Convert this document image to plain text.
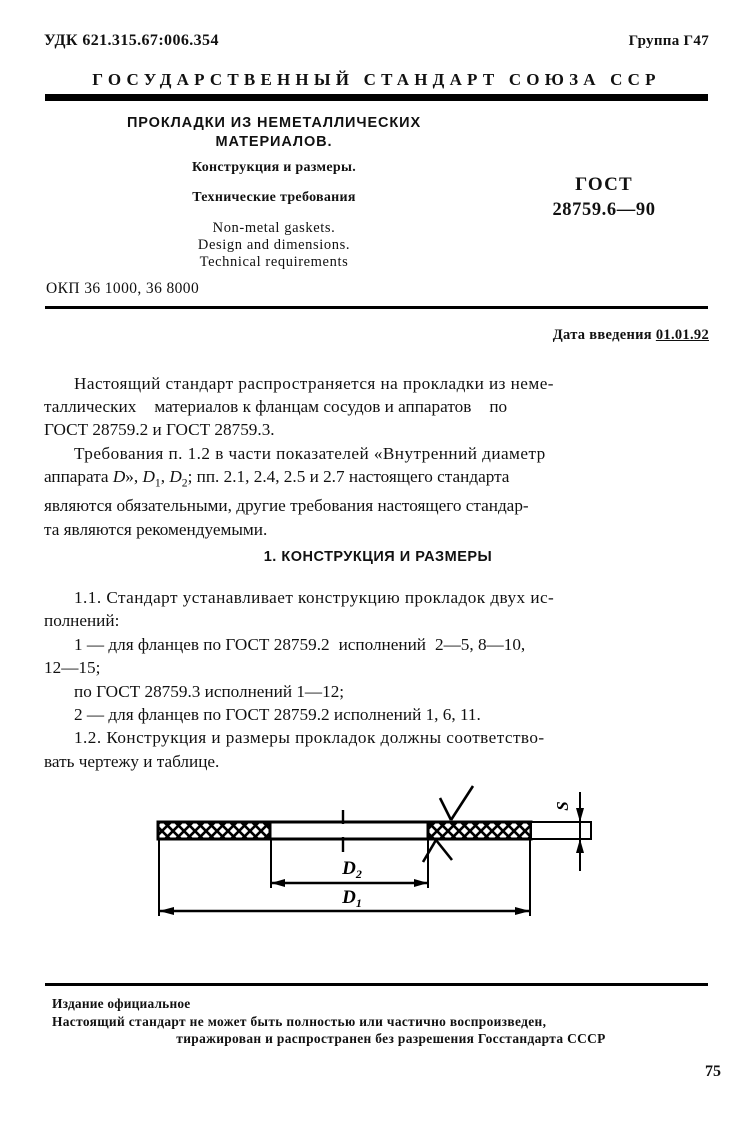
УДК 621.315.67:006.354	Группа Г47
ГОСУДАРСТВЕННЫЙ СТАНДАРТ СОЮЗА ССР
ПРОКЛАДКИ ИЗ НЕМЕТАЛЛИЧЕСКИХ
МАТЕРИАЛОВ.
Конструкция и размеры.
Технические требования
Non-metal gaskets.
Design and dimensions.
Technical requirements
ОКП 36 1000, 36 8000
ГОСТ
28759.6—90
Дата введения 01.01.92

Настоящий стандарт распространяется на прокладки из неме-

таллических материалов к фланцам сосудов и аппаратов по

ГОСТ 28759.2 и ГОСТ 28759.3.

Требования п. 1.2 в части показателей «Внутренний диаметр

аппарата D», $D_1$, $D_2$; пп. 2.1, 2.4, 2.5 и 2.7 настоящего стандарта

являются обязательными, другие требования настоящего стандар-

та являются рекомендуемыми.

1. КОНСТРУКЦИЯ И РАЗМЕРЫ

1.1. Стандарт устанавливает конструкцию прокладок двух ис-

полнений:

1 — для фланцев по ГОСТ 28759.2 исполнений 2—5, 8—10,

12—15;

по ГОСТ 28759.3 исполнений 1—12;

2 — для фланцев по ГОСТ 28759.2 исполнений 1, 6, 11.

1.2. Конструкция и размеры прокладок должны соответство-

вать чертежу и таблице.

$D_2$
$D_1$
S
Издание официальное
Настоящий стандарт не может быть полностью или частично воспроизведен,
тиражирован и распространен без разрешения Госстандарта СССР
75
